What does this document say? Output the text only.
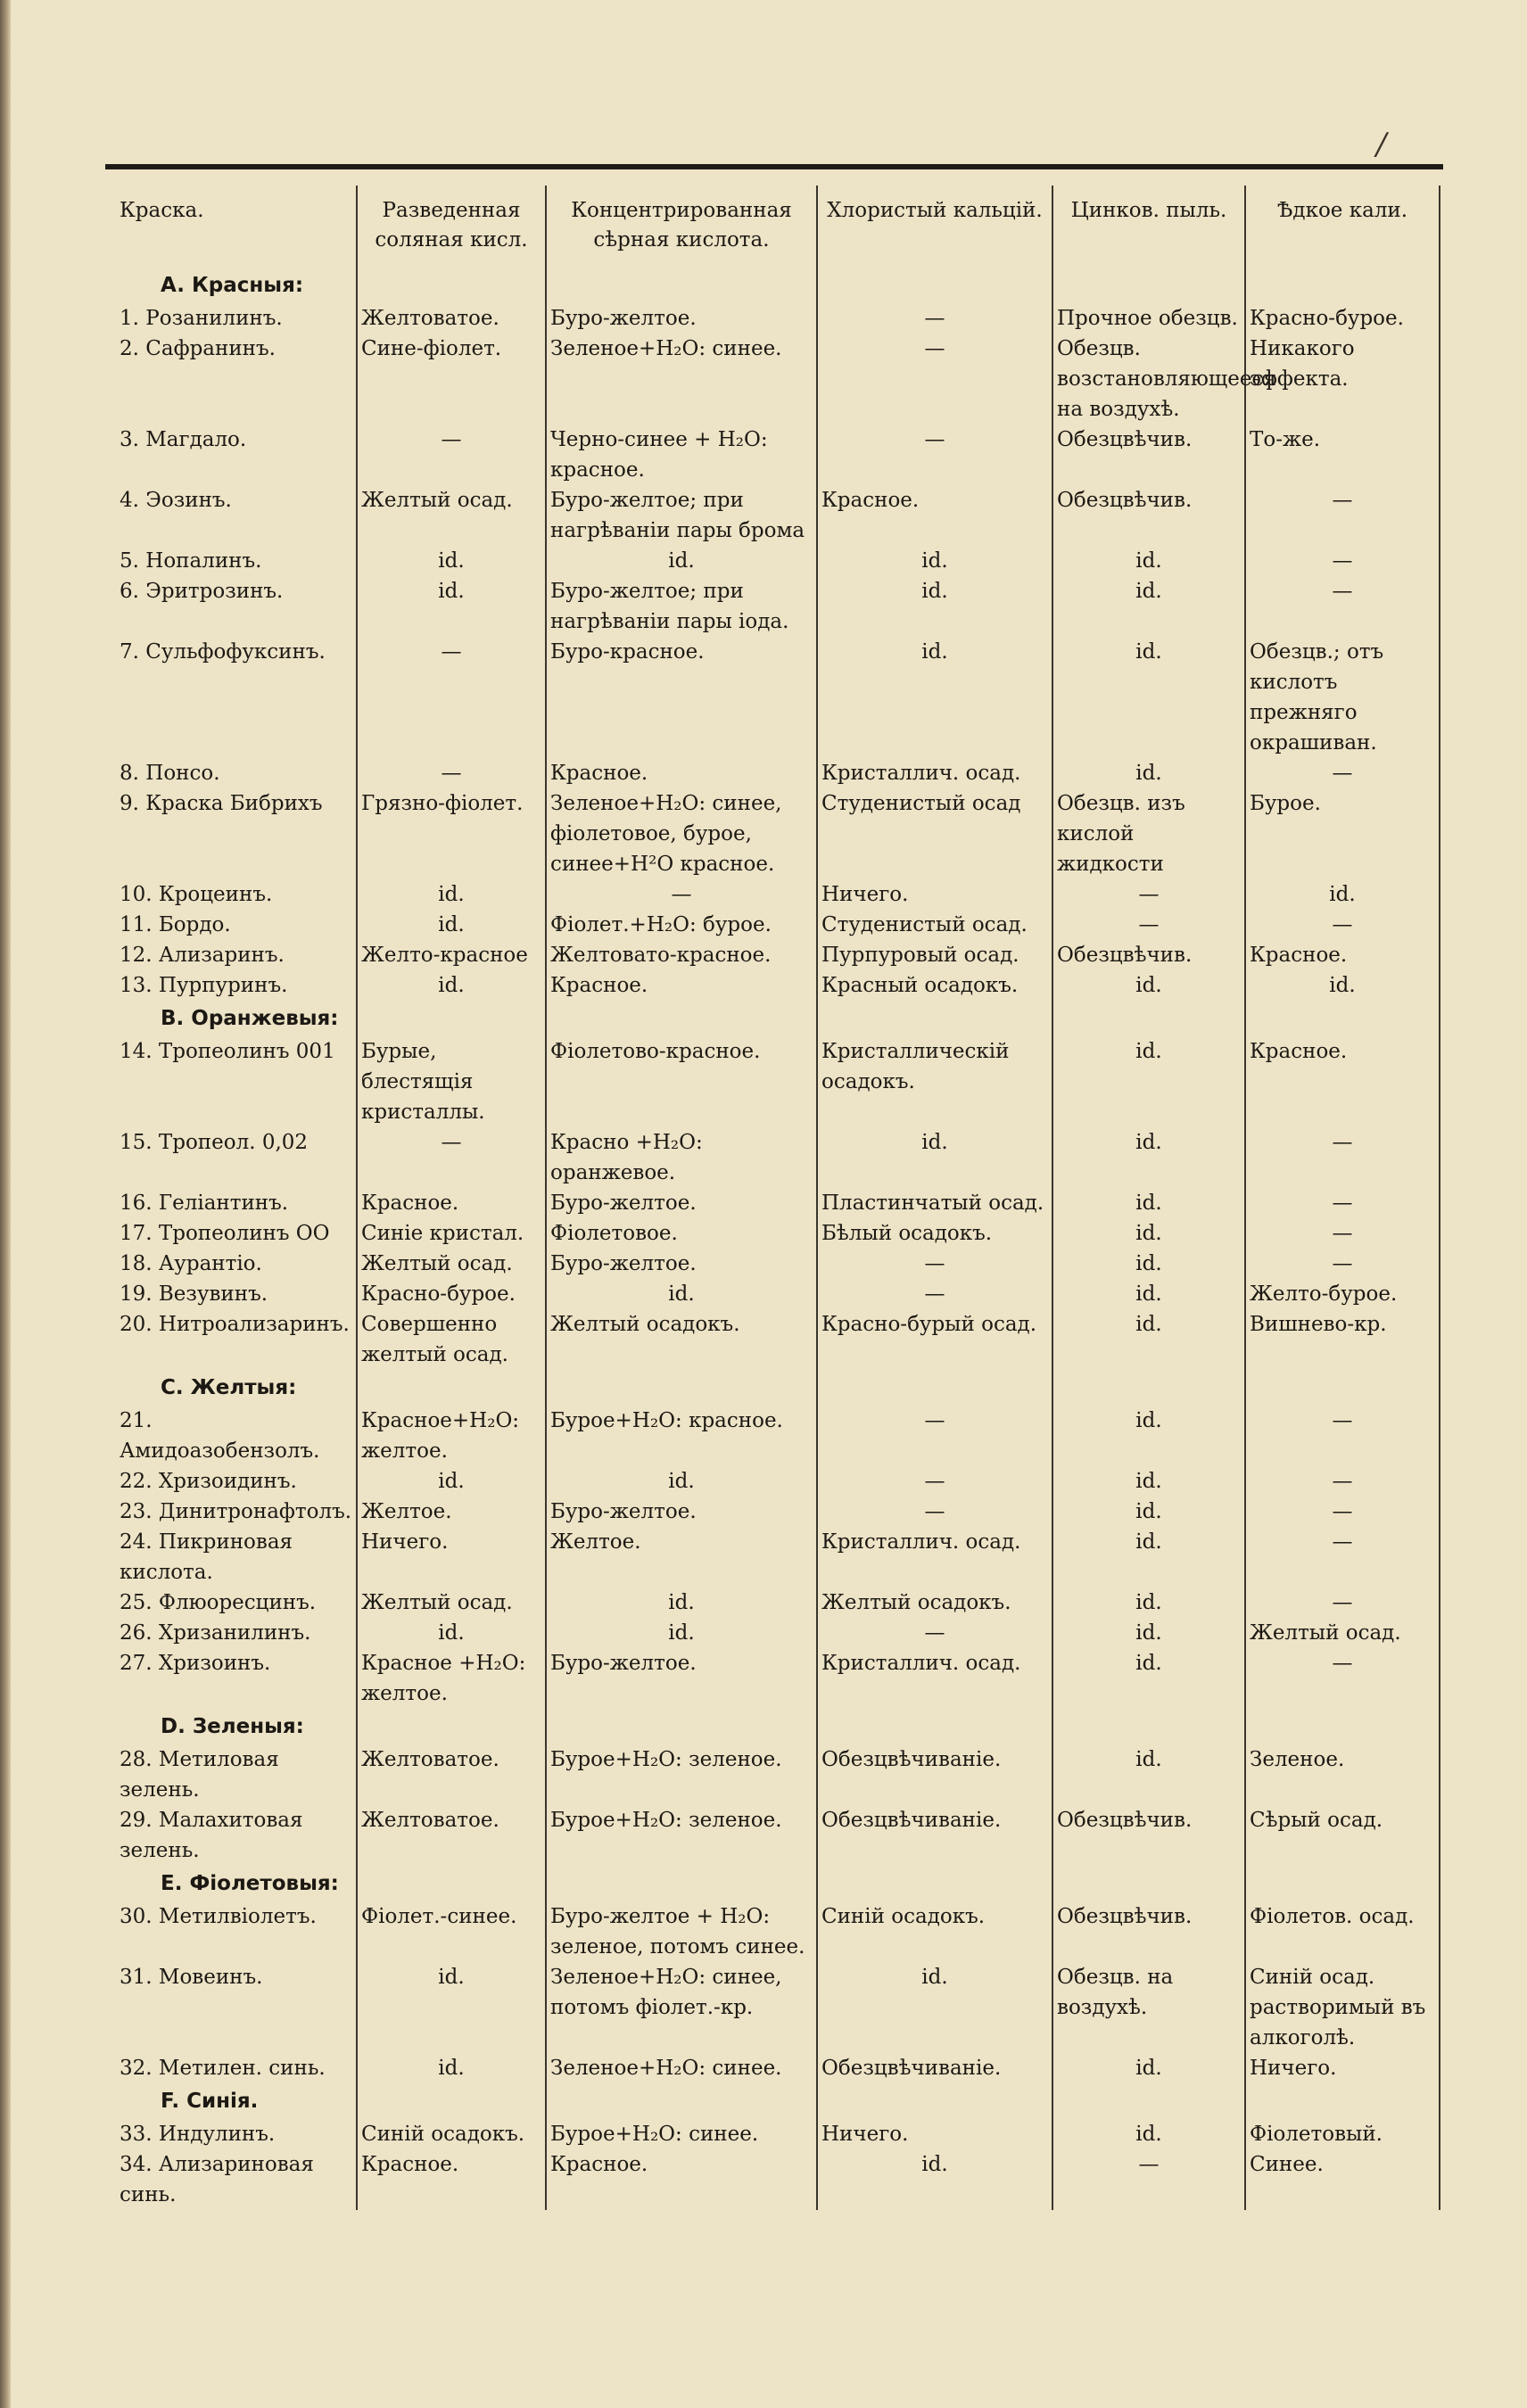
/
Краска.	Разведенная соляная кисл.	Концентрированная сѣрная кислота.	Хлористый кальцій.	Цинков. пыль.	Ѣдкое кали.
A. Красныя:					
1. Розанилинъ.	Желтоватое.	Буро-желтое.	—	Прочное обезцв.	Красно-бурое.
2. Сафранинъ.	Сине-фіолет.	Зеленое+H₂O: синее.	—	Обезцв. возстановляющееся на воздухѣ.	Никакого эффекта.
3. Магдало.	—	Черно-синее + H₂O: красное.	—	Обезцвѣчив.	То-же.
4. Эозинъ.	Желтый осад.	Буро-желтое; при нагрѣваніи пары брома	Красное.	Обезцвѣчив.	—
5. Нопалинъ.	id.	id.	id.	id.	—
6. Эритрозинъ.	id.	Буро-желтое; при нагрѣваніи пары іода.	id.	id.	—
7. Сульфофуксинъ.	—	Буро-красное.	id.	id.	Обезцв.; отъ кислотъ прежняго окрашиван.
8. Понсо.	—	Красное.	Кристаллич. осад.	id.	—
9. Краска Бибрихъ	Грязно-фіолет.	Зеленое+H₂O: синее, фіолетовое, бурое, синее+H²O красное.	Студенистый осад	Обезцв. изъ кислой жидкости	Бурое.
10. Кроцеинъ.	id.	—	Ничего.	—	id.
11. Бордо.	id.	Фіолет.+H₂O: бурое.	Студенистый осад.	—	—
12. Ализаринъ.	Желто-красное	Желтовато-красное.	Пурпуровый осад.	Обезцвѣчив.	Красное.
13. Пурпуринъ.	id.	Красное.	Красный осадокъ.	id.	id.
B. Оранжевыя:					
14. Тропеолинъ 001	Бурые, блестящія кристаллы.	Фіолетово-красное.	Кристаллическій осадокъ.	id.	Красное.
15. Тропеол. 0,02	—	Красно +H₂O: оранжевое.	id.	id.	—
16. Геліантинъ.	Красное.	Буро-желтое.	Пластинчатый осад.	id.	—
17. Тропеолинъ OO	Синіе кристал.	Фіолетовое.	Бѣлый осадокъ.	id.	—
18. Аурантіо.	Желтый осад.	Буро-желтое.	—	id.	—
19. Везувинъ.	Красно-бурое.	id.	—	id.	Желто-бурое.
20. Нитроализаринъ.	Совершенно желтый осад.	Желтый осадокъ.	Красно-бурый осад.	id.	Вишнево-кр.
C. Желтыя:					
21. Амидоазобензолъ.	Красное+H₂O: желтое.	Бурое+H₂O: красное.	—	id.	—
22. Хризоидинъ.	id.	id.	—	id.	—
23. Динитронафтолъ.	Желтое.	Буро-желтое.	—	id.	—
24. Пикриновая кислота.	Ничего.	Желтое.	Кристаллич. осад.	id.	—
25. Флюоресцинъ.	Желтый осад.	id.	Желтый осадокъ.	id.	—
26. Хризанилинъ.	id.	id.	—	id.	Желтый осад.
27. Хризоинъ.	Красное +H₂O: желтое.	Буро-желтое.	Кристаллич. осад.	id.	—
D. Зеленыя:					
28. Метиловая зелень.	Желтоватое.	Бурое+H₂O: зеленое.	Обезцвѣчиваніе.	id.	Зеленое.
29. Малахитовая зелень.	Желтоватое.	Бурое+H₂O: зеленое.	Обезцвѣчиваніе.	Обезцвѣчив.	Сѣрый осад.
E. Фіолетовыя:					
30. Метилвіолетъ.	Фіолет.-синее.	Буро-желтое + H₂O: зеленое, потомъ синее.	Синій осадокъ.	Обезцвѣчив.	Фіолетов. осад.
31. Мовеинъ.	id.	Зеленое+H₂O: синее, потомъ фіолет.-кр.	id.	Обезцв. на воздухѣ.	Синій осад. растворимый въ алкоголѣ.
32. Метилен. синь.	id.	Зеленое+H₂O: синее.	Обезцвѣчиваніе.	id.	Ничего.
F. Синія.					
33. Индулинъ.	Синій осадокъ.	Бурое+H₂O: синее.	Ничего.	id.	Фіолетовый.
34. Ализариновая синь.	Красное.	Красное.	id.	—	Синее.
